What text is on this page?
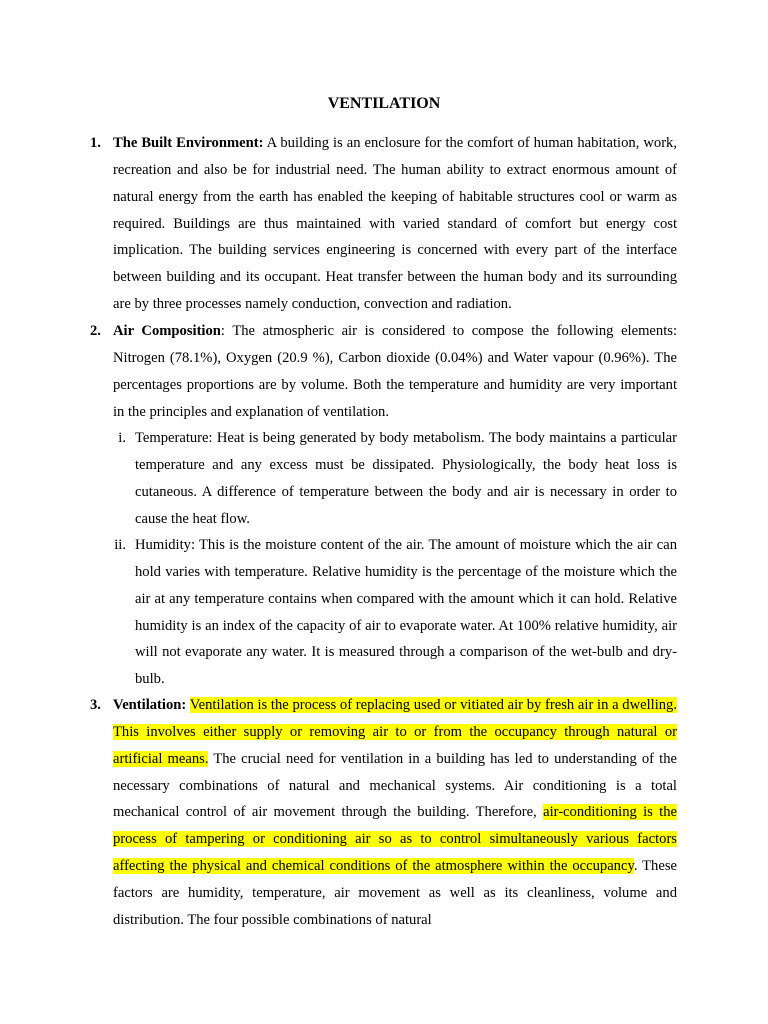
VENTILATION
1. The Built Environment: A building is an enclosure for the comfort of human habitation, work, recreation and also be for industrial need. The human ability to extract enormous amount of natural energy from the earth has enabled the keeping of habitable structures cool or warm as required. Buildings are thus maintained with varied standard of comfort but energy cost implication. The building services engineering is concerned with every part of the interface between building and its occupant. Heat transfer between the human body and its surrounding are by three processes namely conduction, convection and radiation.
2. Air Composition: The atmospheric air is considered to compose the following elements: Nitrogen (78.1%), Oxygen (20.9 %), Carbon dioxide (0.04%) and Water vapour (0.96%). The percentages proportions are by volume. Both the temperature and humidity are very important in the principles and explanation of ventilation.
i. Temperature: Heat is being generated by body metabolism. The body maintains a particular temperature and any excess must be dissipated. Physiologically, the body heat loss is cutaneous. A difference of temperature between the body and air is necessary in order to cause the heat flow.
ii. Humidity: This is the moisture content of the air. The amount of moisture which the air can hold varies with temperature. Relative humidity is the percentage of the moisture which the air at any temperature contains when compared with the amount which it can hold. Relative humidity is an index of the capacity of air to evaporate water. At 100% relative humidity, air will not evaporate any water. It is measured through a comparison of the wet-bulb and dry-bulb.
3. Ventilation: Ventilation is the process of replacing used or vitiated air by fresh air in a dwelling. This involves either supply or removing air to or from the occupancy through natural or artificial means. The crucial need for ventilation in a building has led to understanding of the necessary combinations of natural and mechanical systems. Air conditioning is a total mechanical control of air movement through the building. Therefore, air-conditioning is the process of tampering or conditioning air so as to control simultaneously various factors affecting the physical and chemical conditions of the atmosphere within the occupancy. These factors are humidity, temperature, air movement as well as its cleanliness, volume and distribution. The four possible combinations of natural
